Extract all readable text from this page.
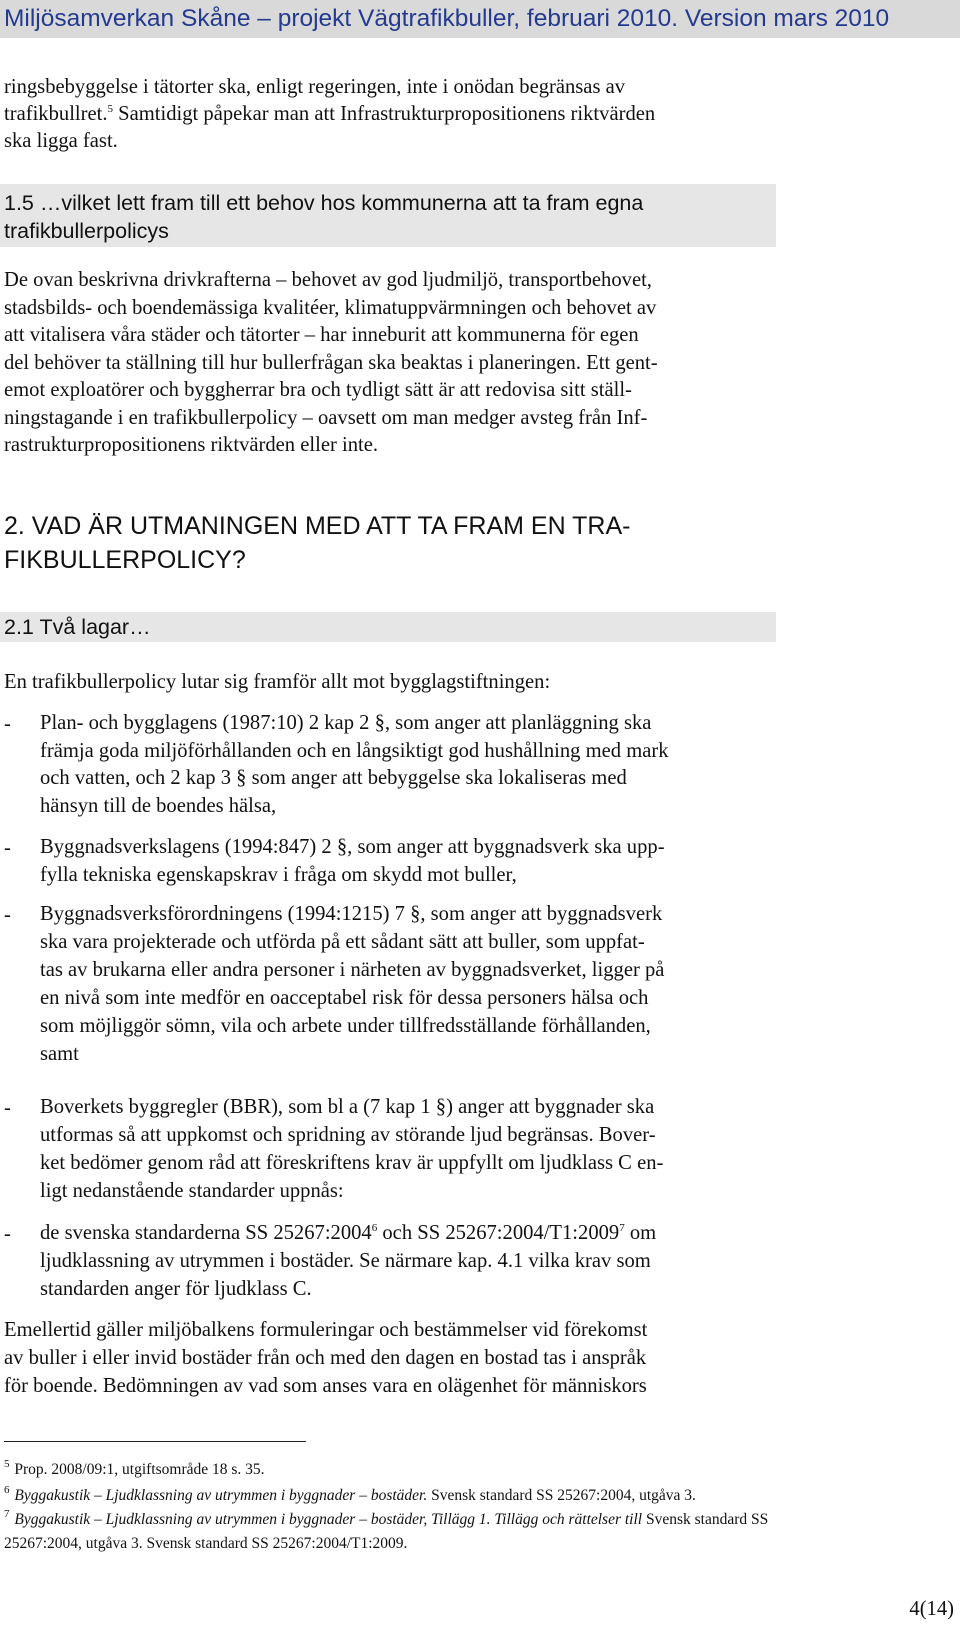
Miljösamverkan Skåne – projekt Vägtrafikbuller, februari 2010. Version mars 2010
ringsbebyggelse i tätorter ska, enligt regeringen, inte i onödan begränsas av
trafikbullret.$^5$ Samtidigt påpekar man att Infrastrukturpropositionens riktvärden
ska ligga fast.
1.5 …vilket lett fram till ett behov hos kommunerna att ta fram egna
trafikbullerpolicys
De ovan beskrivna drivkrafterna – behovet av god ljudmiljö, transportbehovet,
stadsbilds- och boendemässiga kvalitéer, klimatuppvärmningen och behovet av
att vitalisera våra städer och tätorter – har inneburit att kommunerna för egen
del behöver ta ställning till hur bullerfrågan ska beaktas i planeringen. Ett gent-
emot exploatörer och byggherrar bra och tydligt sätt är att redovisa sitt ställ-
ningstagande i en trafikbullerpolicy – oavsett om man medger avsteg från Inf-
rastrukturpropositionens riktvärden eller inte.
2. VAD ÄR UTMANINGEN MED ATT TA FRAM EN TRA-
FIKBULLERPOLICY?
2.1 Två lagar…
En trafikbullerpolicy lutar sig framför allt mot bygglagstiftningen:
- Plan- och bygglagens (1987:10) 2 kap 2 §, som anger att planläggning ska
främja goda miljöförhållanden och en långsiktigt god hushållning med mark
och vatten, och 2 kap 3 § som anger att bebyggelse ska lokaliseras med
hänsyn till de boendes hälsa,
- Byggnadsverkslagens (1994:847) 2 §, som anger att byggnadsverk ska upp-
fylla tekniska egenskapskrav i fråga om skydd mot buller,
- Byggnadsverksförordningens (1994:1215) 7 §, som anger att byggnadsverk
ska vara projekterade och utförda på ett sådant sätt att buller, som uppfat-
tas av brukarna eller andra personer i närheten av byggnadsverket, ligger på
en nivå som inte medför en oacceptabel risk för dessa personers hälsa och
som möjliggör sömn, vila och arbete under tillfredsställande förhållanden,
samt
- Boverkets byggregler (BBR), som bl a (7 kap 1 §) anger att byggnader ska
utformas så att uppkomst och spridning av störande ljud begränsas. Bover-
ket bedömer genom råd att föreskriftens krav är uppfyllt om ljudklass C en-
ligt nedanstående standarder uppnås:
- de svenska standarderna SS 25267:2004$^6$ och SS 25267:2004/T1:2009$^7$ om
ljudklassning av utrymmen i bostäder. Se närmare kap. 4.1 vilka krav som
standarden anger för ljudklass C.
Emellertid gäller miljöbalkens formuleringar och bestämmelser vid förekomst
av buller i eller invid bostäder från och med den dagen en bostad tas i anspråk
för boende. Bedömningen av vad som anses vara en olägenhet för människors
$^5$ Prop. 2008/09:1, utgiftsområde 18 s. 35.
$^6$ Byggakustik – Ljudklassning av utrymmen i byggnader – bostäder. Svensk standard SS 25267:2004, utgåva 3.
$^7$ Byggakustik – Ljudklassning av utrymmen i byggnader – bostäder, Tillägg 1. Tillägg och rättelser till Svensk standard SS
25267:2004, utgåva 3. Svensk standard SS 25267:2004/T1:2009.
4(14)
